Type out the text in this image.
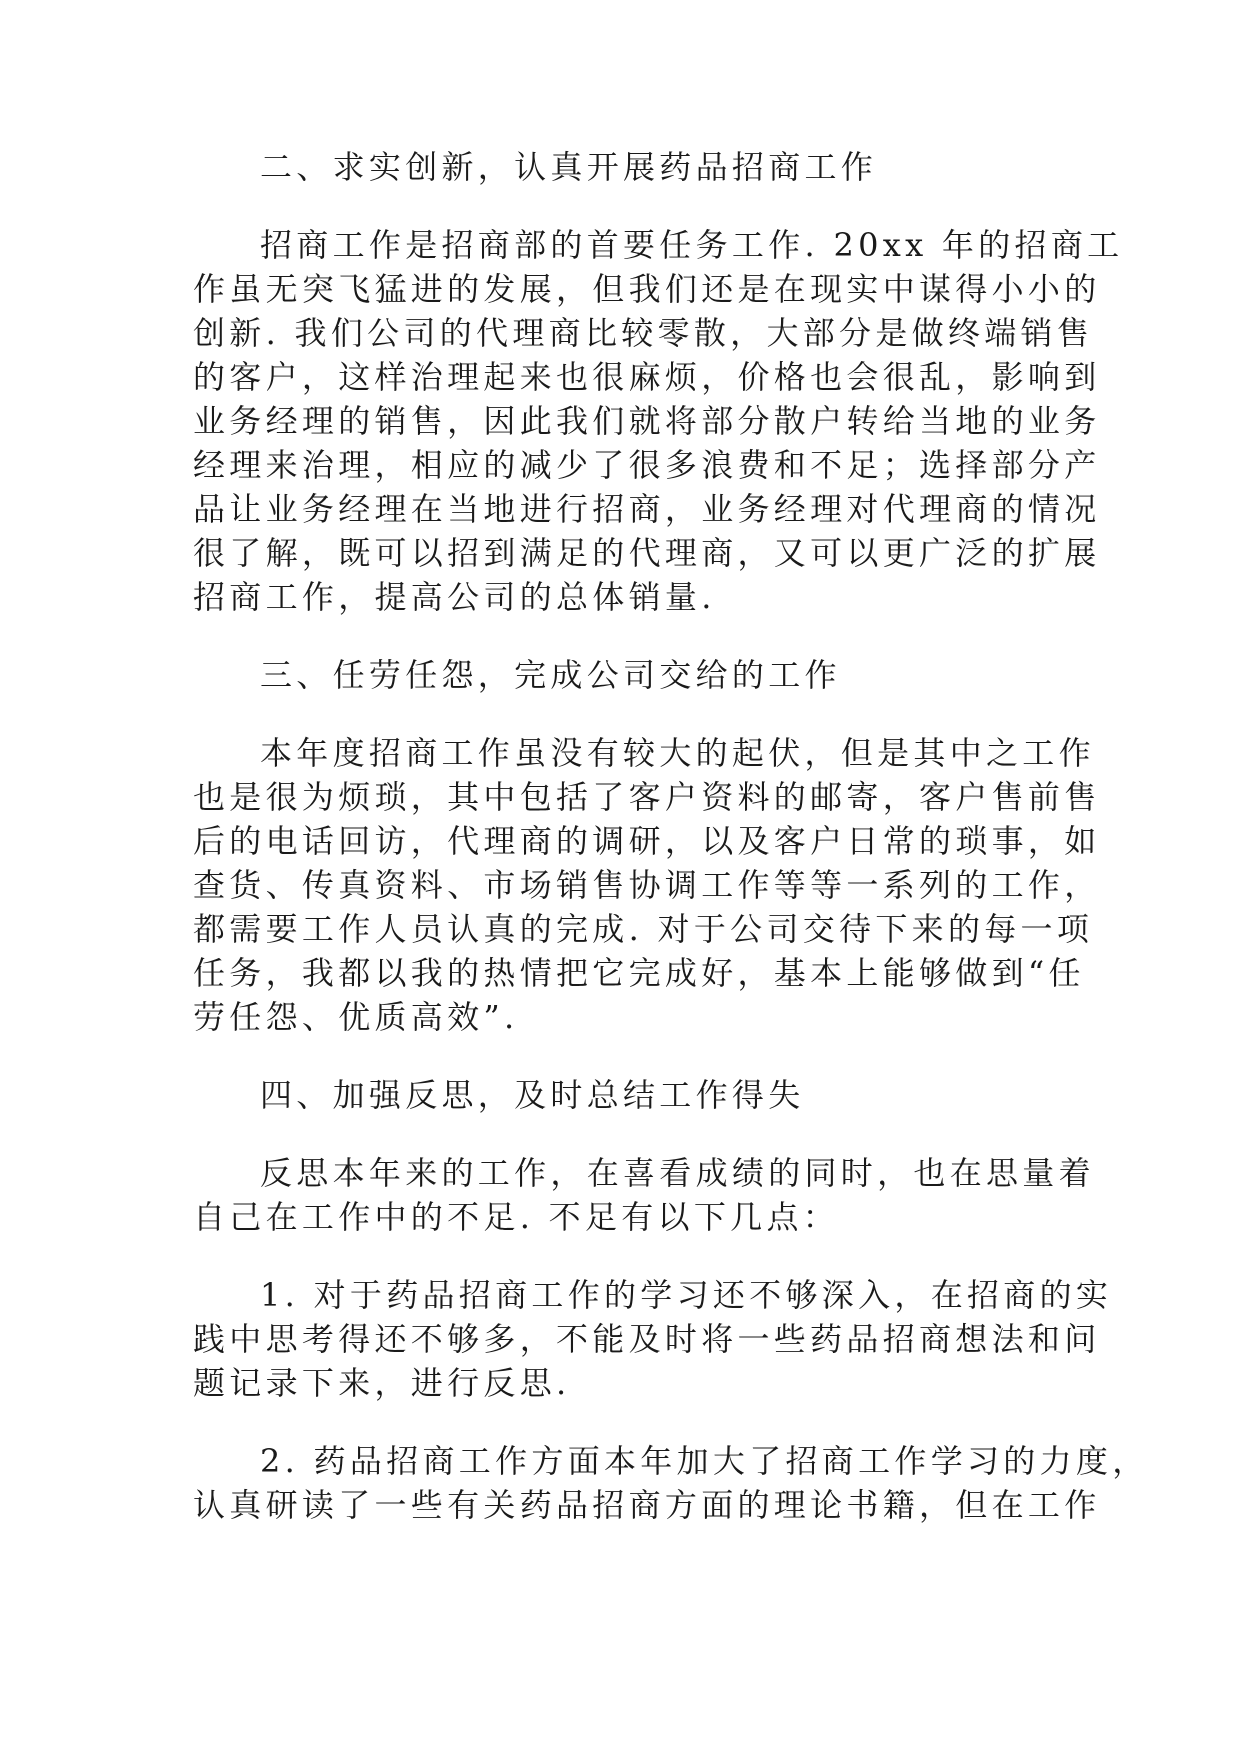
二、求实创新，认真开展药品招商工作
招商工作是招商部的首要任务工作. 20xx 年的招商工
作虽无突飞猛进的发展，但我们还是在现实中谋得小小的
创新. 我们公司的代理商比较零散，大部分是做终端销售
的客户，这样治理起来也很麻烦，价格也会很乱，影响到
业务经理的销售，因此我们就将部分散户转给当地的业务
经理来治理，相应的减少了很多浪费和不足；选择部分产
品让业务经理在当地进行招商，业务经理对代理商的情况
很了解，既可以招到满足的代理商，又可以更广泛的扩展
招商工作，提高公司的总体销量.
三、任劳任怨，完成公司交给的工作
本年度招商工作虽没有较大的起伏，但是其中之工作
也是很为烦琐，其中包括了客户资料的邮寄，客户售前售
后的电话回访，代理商的调研，以及客户日常的琐事，如
查货、传真资料、市场销售协调工作等等一系列的工作，
都需要工作人员认真的完成. 对于公司交待下来的每一项
任务，我都以我的热情把它完成好，基本上能够做到“任
劳任怨、优质高效”.
四、加强反思，及时总结工作得失
反思本年来的工作，在喜看成绩的同时，也在思量着
自己在工作中的不足. 不足有以下几点：
1. 对于药品招商工作的学习还不够深入，在招商的实
践中思考得还不够多，不能及时将一些药品招商想法和问
题记录下来，进行反思.
2. 药品招商工作方面本年加大了招商工作学习的力度，
认真研读了一些有关药品招商方面的理论书籍，但在工作
